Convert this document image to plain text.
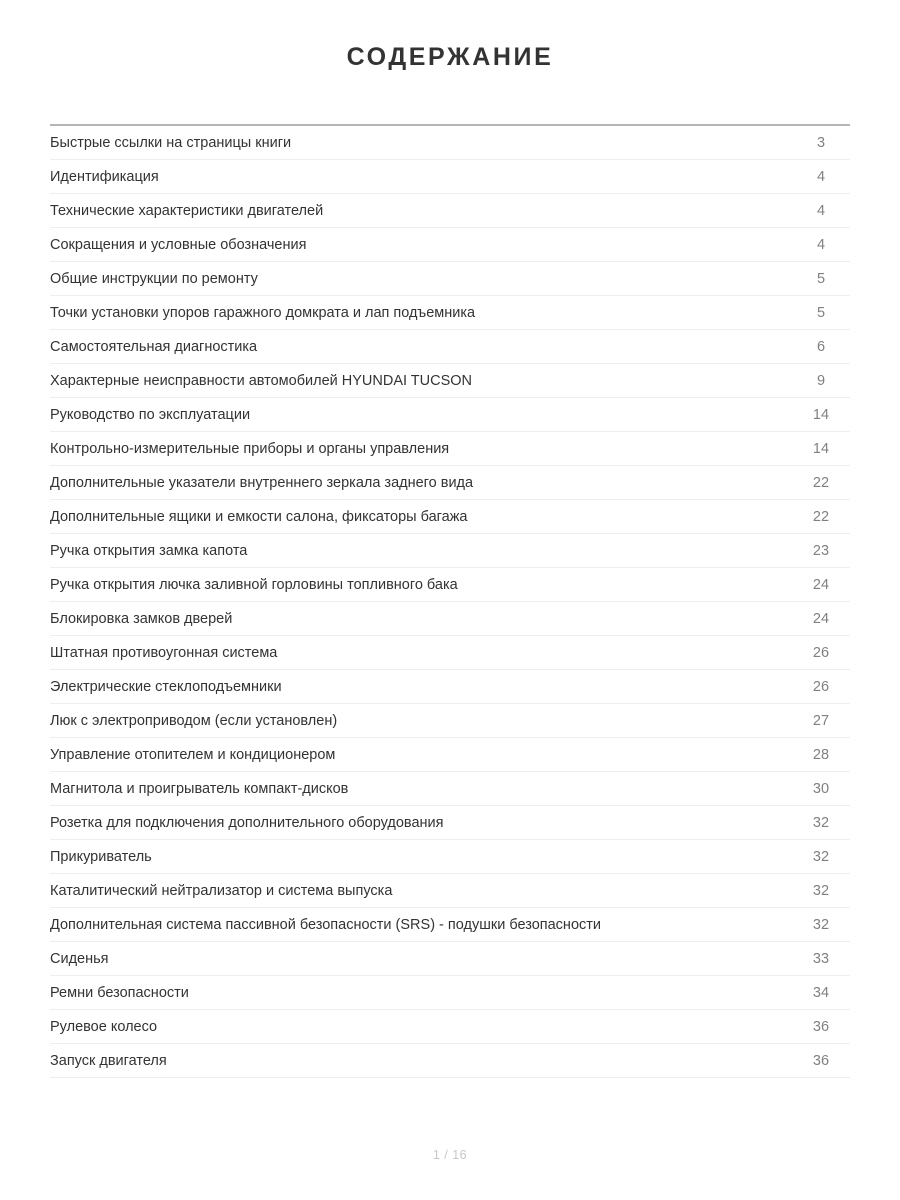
СОДЕРЖАНИЕ
Быстрые ссылки на страницы книги	3
Идентификация	4
Технические характеристики двигателей	4
Сокращения и условные обозначения	4
Общие инструкции по ремонту	5
Точки установки упоров гаражного домкрата и лап подъемника	5
Самостоятельная диагностика	6
Характерные неисправности автомобилей HYUNDAI TUCSON	9
Руководство по эксплуатации	14
Контрольно-измерительные приборы и органы управления	14
Дополнительные указатели внутреннего зеркала заднего вида	22
Дополнительные ящики и емкости салона, фиксаторы багажа	22
Ручка открытия замка капота	23
Ручка открытия лючка заливной горловины топливного бака	24
Блокировка замков дверей	24
Штатная противоугонная система	26
Электрические стеклоподъемники	26
Люк с электроприводом (если установлен)	27
Управление отопителем и кондиционером	28
Магнитола и проигрыватель компакт-дисков	30
Розетка для подключения дополнительного оборудования	32
Прикуриватель	32
Каталитический нейтрализатор и система выпуска	32
Дополнительная система пассивной безопасности (SRS) - подушки безопасности	32
Сиденья	33
Ремни безопасности	34
Рулевое колесо	36
Запуск двигателя	36
1 / 16
